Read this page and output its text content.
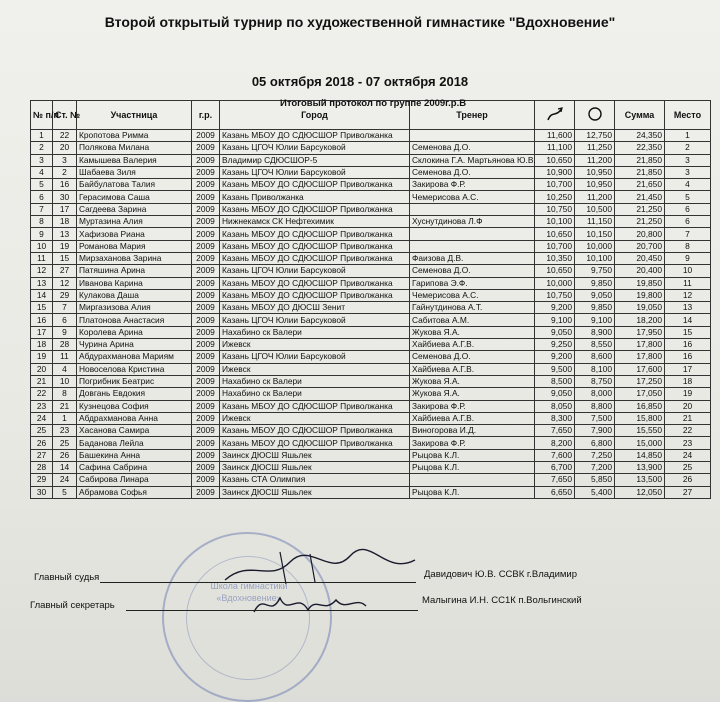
Второй открытый турнир по художественной гимнастике "Вдохновение"
05 октября 2018 - 07 октября 2018
№ п/п	Ст. №	Участница	г.р.	Город	Тренер			Сумма	Место
1	22	Кропотова Римма	2009	Казань МБОУ ДО СДЮСШОР Приволжанка		11,600	12,750	24,350	1
2	20	Полякова Милана	2009	Казань ЦГОЧ Юлии Барсуковой	Семенова Д.О.	11,100	11,250	22,350	2
3	3	Камышева Валерия	2009	Владимир СДЮСШОР-5	Склокина Г.А. Мартьянова Ю.В.	10,650	11,200	21,850	3
4	2	Шабаева Зиля	2009	Казань ЦГОЧ Юлии Барсуковой	Семенова Д.О.	10,900	10,950	21,850	3
5	16	Байбулатова Талия	2009	Казань МБОУ ДО СДЮСШОР Приволжанка	Закирова Ф.Р.	10,700	10,950	21,650	4
6	30	Герасимова Саша	2009	Казань Приволжанка	Чемерисова А.С.	10,250	11,200	21,450	5
7	17	Сагдеева Зарина	2009	Казань МБОУ ДО СДЮСШОР Приволжанка		10,750	10,500	21,250	6
8	18	Муртазина Алия	2009	Нижнекамск СК Нефтехимик	Хуснутдинова Л.Ф	10,100	11,150	21,250	6
9	13	Хафизова Риана	2009	Казань МБОУ ДО СДЮСШОР Приволжанка		10,650	10,150	20,800	7
10	19	Романова Мария	2009	Казань МБОУ ДО СДЮСШОР Приволжанка		10,700	10,000	20,700	8
11	15	Мирзаханова Зарина	2009	Казань МБОУ ДО СДЮСШОР Приволжанка	Фаизова Д.В.	10,350	10,100	20,450	9
12	27	Патяшина Арина	2009	Казань ЦГОЧ Юлии Барсуковой	Семенова Д.О.	10,650	9,750	20,400	10
13	12	Иванова Карина	2009	Казань МБОУ ДО СДЮСШОР Приволжанка	Гарипова Э.Ф.	10,000	9,850	19,850	11
14	29	Кулакова Даша	2009	Казань МБОУ ДО СДЮСШОР Приволжанка	Чемерисова А.С.	10,750	9,050	19,800	12
15	7	Миргазизова Алия	2009	Казань МБОУ ДО ДЮСШ Зенит	Гайнутдинова А.Т.	9,200	9,850	19,050	13
16	6	Платонова Анастасия	2009	Казань ЦГОЧ Юлии Барсуковой	Сабитова А.М.	9,100	9,100	18,200	14
17	9	Королева Арина	2009	Нахабино ск Валери	Жукова Я.А.	9,050	8,900	17,950	15
18	28	Чурина Арина	2009	Ижевск	Хайбиева А.Г.В.	9,250	8,550	17,800	16
19	11	Абдурахманова Мариям	2009	Казань ЦГОЧ Юлии Барсуковой	Семенова Д.О.	9,200	8,600	17,800	16
20	4	Новоселова Кристина	2009	Ижевск	Хайбиева А.Г.В.	9,500	8,100	17,600	17
21	10	Погрибник Беатрис	2009	Нахабино ск Валери	Жукова Я.А.	8,500	8,750	17,250	18
22	8	Довгань Евдокия	2009	Нахабино ск Валери	Жукова Я.А.	9,050	8,000	17,050	19
23	21	Кузнецова София	2009	Казань МБОУ ДО СДЮСШОР Приволжанка	Закирова Ф.Р.	8,050	8,800	16,850	20
24	1	Абдрахманова Анна	2009	Ижевск	Хайбиева А.Г.В.	8,300	7,500	15,800	21
25	23	Хасанова Самира	2009	Казань МБОУ ДО СДЮСШОР Приволжанка	Виногорова И.Д.	7,650	7,900	15,550	22
26	25	Баданова Лейла	2009	Казань МБОУ ДО СДЮСШОР Приволжанка	Закирова Ф.Р.	8,200	6,800	15,000	23
27	26	Башекина Анна	2009	Заинск ДЮСШ Яшьлек	Рыцова К.Л.	7,600	7,250	14,850	24
28	14	Сафина Сабрина	2009	Заинск ДЮСШ Яшьлек	Рыцова К.Л.	6,700	7,200	13,900	25
29	24	Сабирова Линара	2009	Казань СТА Олимпия		7,650	5,850	13,500	26
30	5	Абрамова Софья	2009	Заинск ДЮСШ Яшьлек	Рыцова К.Л.	6,650	5,400	12,050	27
Итоговый протокол по группе 2009г.р.В
Школа гимнастики «Вдохновение»
Главный судья	Давидович Ю.В. ССВК г.Владимир
Главный секретарь	Малыгина И.Н. СС1К п.Вольгинский
